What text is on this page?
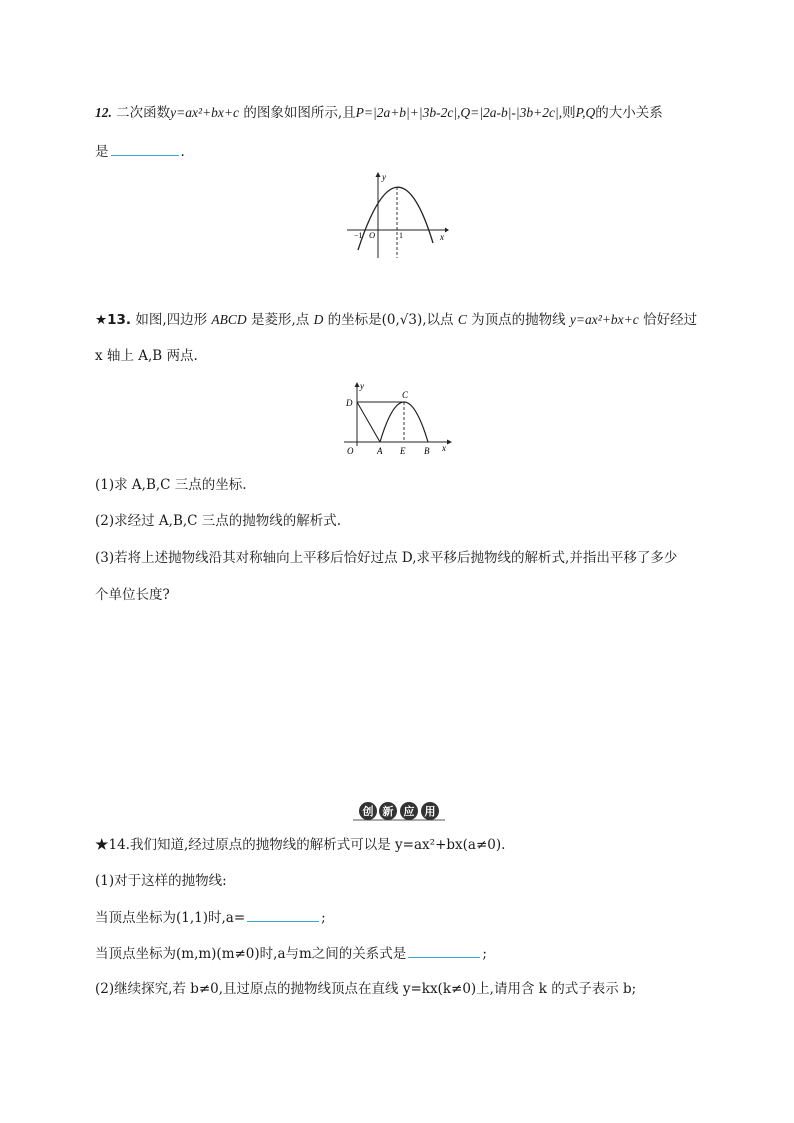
12. 二次函数y=ax²+bx+c 的图象如图所示,且P=|2a+b|+|3b-2c|,Q=|2a-b|-|3b+2c|,则P,Q的大小关系
是	.
y
x
−1 O	1
★13. 如图,四边形 ABCD 是菱形,点 D 的坐标是(0,√3),以点 C 为顶点的抛物线 y=ax²+bx+c 恰好经过
x 轴上 A,B 两点.
y
x
D
C
O	A E B
(1)求 A,B,C 三点的坐标.
(2)求经过 A,B,C 三点的抛物线的解析式.
(3)若将上述抛物线沿其对称轴向上平移后恰好过点 D,求平移后抛物线的解析式,并指出平移了多少
个单位长度?
创 新 应 用
★14.我们知道,经过原点的抛物线的解析式可以是 y=ax²+bx(a≠0).
(1)对于这样的抛物线:
当顶点坐标为(1,1)时,a=	;
当顶点坐标为(m,m)(m≠0)时,a与m之间的关系式是	;
(2)继续探究,若 b≠0,且过原点的抛物线顶点在直线 y=kx(k≠0)上,请用含 k 的式子表示 b;
